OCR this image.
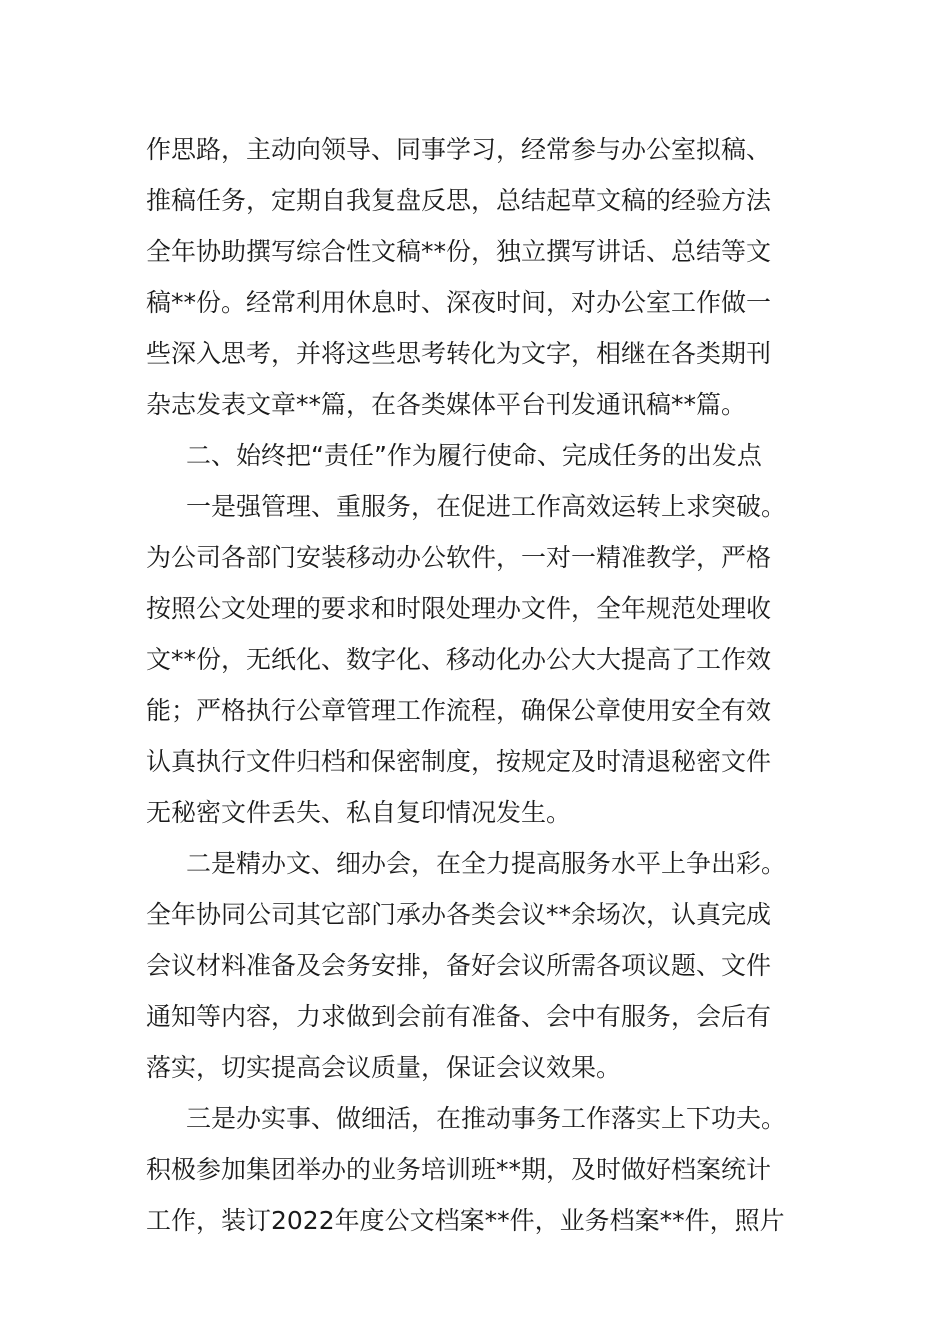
作思路，主动向领导、同事学习，经常参与办公室拟稿、
推稿任务，定期自我复盘反思，总结起草文稿的经验方法
全年协助撰写综合性文稿**份，独立撰写讲话、总结等文
稿**份。经常利用休息时、深夜时间，对办公室工作做一
些深入思考，并将这些思考转化为文字，相继在各类期刊
杂志发表文章**篇，在各类媒体平台刊发通讯稿**篇。
二、始终把“责任”作为履行使命、完成任务的出发点
一是强管理、重服务，在促进工作高效运转上求突破。
为公司各部门安装移动办公软件，一对一精准教学，严格
按照公文处理的要求和时限处理办文件，全年规范处理收
文**份，无纸化、数字化、移动化办公大大提高了工作效
能；严格执行公章管理工作流程，确保公章使用安全有效
认真执行文件归档和保密制度，按规定及时清退秘密文件
无秘密文件丢失、私自复印情况发生。
二是精办文、细办会，在全力提高服务水平上争出彩。
全年协同公司其它部门承办各类会议**余场次，认真完成
会议材料准备及会务安排，备好会议所需各项议题、文件
通知等内容，力求做到会前有准备、会中有服务，会后有
落实，切实提高会议质量，保证会议效果。
三是办实事、做细活，在推动事务工作落实上下功夫。
积极参加集团举办的业务培训班**期，及时做好档案统计
工作，装订2022年度公文档案**件，业务档案**件，照片
